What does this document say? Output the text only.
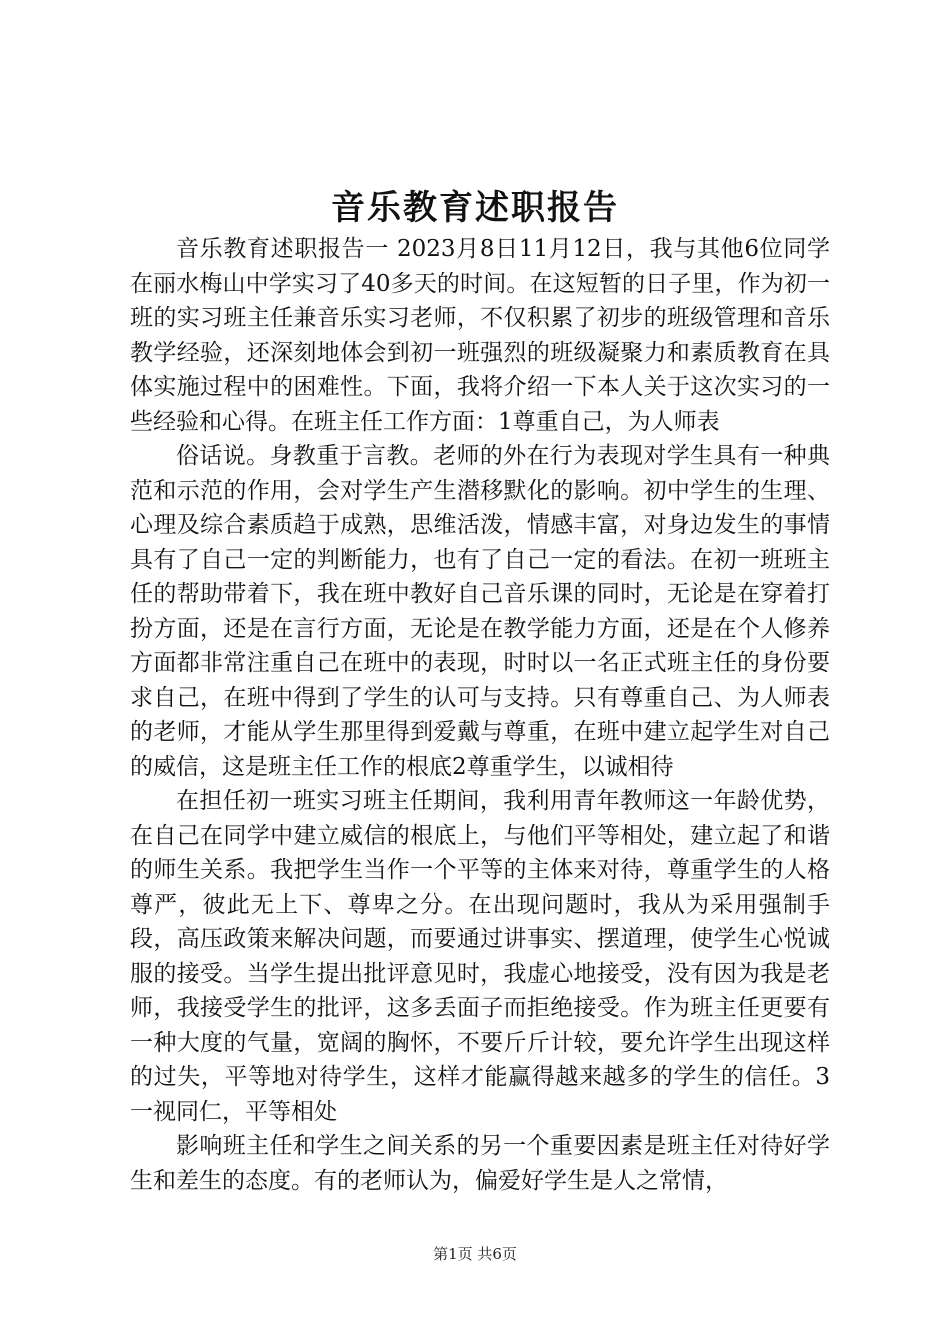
音乐教育述职报告

音乐教育述职报告一 2023月8日11月12日，我与其他6位同学在丽水梅山中学实习了40多天的时间。在这短暂的日子里，作为初一班的实习班主任兼音乐实习老师，不仅积累了初步的班级管理和音乐教学经验，还深刻地体会到初一班强烈的班级凝聚力和素质教育在具体实施过程中的困难性。下面，我将介绍一下本人关于这次实习的一些经验和心得。在班主任工作方面：1尊重自己，为人师表

俗话说。身教重于言教。老师的外在行为表现对学生具有一种典范和示范的作用，会对学生产生潜移默化的影响。初中学生的生理、心理及综合素质趋于成熟，思维活泼，情感丰富，对身边发生的事情具有了自己一定的判断能力，也有了自己一定的看法。在初一班班主任的帮助带着下，我在班中教好自己音乐课的同时，无论是在穿着打扮方面，还是在言行方面，无论是在教学能力方面，还是在个人修养方面都非常注重自己在班中的表现，时时以一名正式班主任的身份要求自己，在班中得到了学生的认可与支持。只有尊重自己、为人师表的老师，才能从学生那里得到爱戴与尊重，在班中建立起学生对自己的威信，这是班主任工作的根底2尊重学生，以诚相待

在担任初一班实习班主任期间，我利用青年教师这一年龄优势，在自己在同学中建立威信的根底上，与他们平等相处，建立起了和谐的师生关系。我把学生当作一个平等的主体来对待，尊重学生的人格尊严，彼此无上下、尊卑之分。在出现问题时，我从为采用强制手段，高压政策来解决问题，而要通过讲事实、摆道理，使学生心悦诚服的接受。当学生提出批评意见时，我虚心地接受，没有因为我是老师，我接受学生的批评，这多丢面子而拒绝接受。作为班主任更要有一种大度的气量，宽阔的胸怀，不要斤斤计较，要允许学生出现这样的过失，平等地对待学生，这样才能赢得越来越多的学生的信任。3一视同仁，平等相处

影响班主任和学生之间关系的另一个重要因素是班主任对待好学生和差生的态度。有的老师认为，偏爱好学生是人之常情，

第1页 共6页
